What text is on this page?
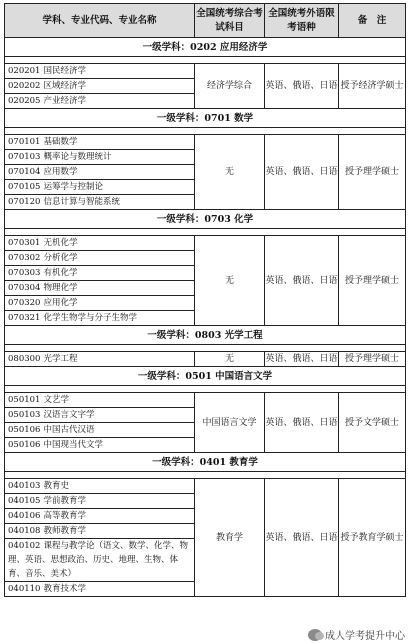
学科、专业代码、专业名称	全国统考综合考试科目	全国统考外语限考语种	备　注
一级学科：0202 应用经济学			

020201 国民经济学	经济学综合	英语、俄语、日语	授予经济学硕士
020202 区域经济学			
020205 产业经济学			
一级学科：0701 数学			

070101 基础数学	无	英语、俄语、日语	授予理学硕士
070103 概率论与数理统计			
070104 应用数学			
070105 运筹学与控制论			
070120 信息计算与智能系统			
一级学科：0703 化学			

070301 无机化学	无	英语、俄语、日语	授予理学硕士
070302 分析化学			
070303 有机化学			
070304 物理化学			
070320 应用化学			
070321 化学生物学与分子生物学			
一级学科：0803 光学工程			

080300 光学工程	无	英语、俄语、日语	授予理学硕士
一级学科：0501 中国语言文学			

050101 文艺学	中国语言文学	英语、俄语、日语	授予文学硕士
050103 汉语言文字学			
050106 中国古代汉语			
050106 中国现当代文学			
一级学科：0401 教育学			

040103 教育史	教育学	英语、俄语、日语	授予教育学硕士
040105 学前教育学			
040106 高等教育学			
040108 教师教育学			
040102 课程与教学论（语文、数学、化学、物理、英语、思想政治、历史、地理、生物、体育、音乐、美术）			
040110 教育技术学			
成人学考提升中心
